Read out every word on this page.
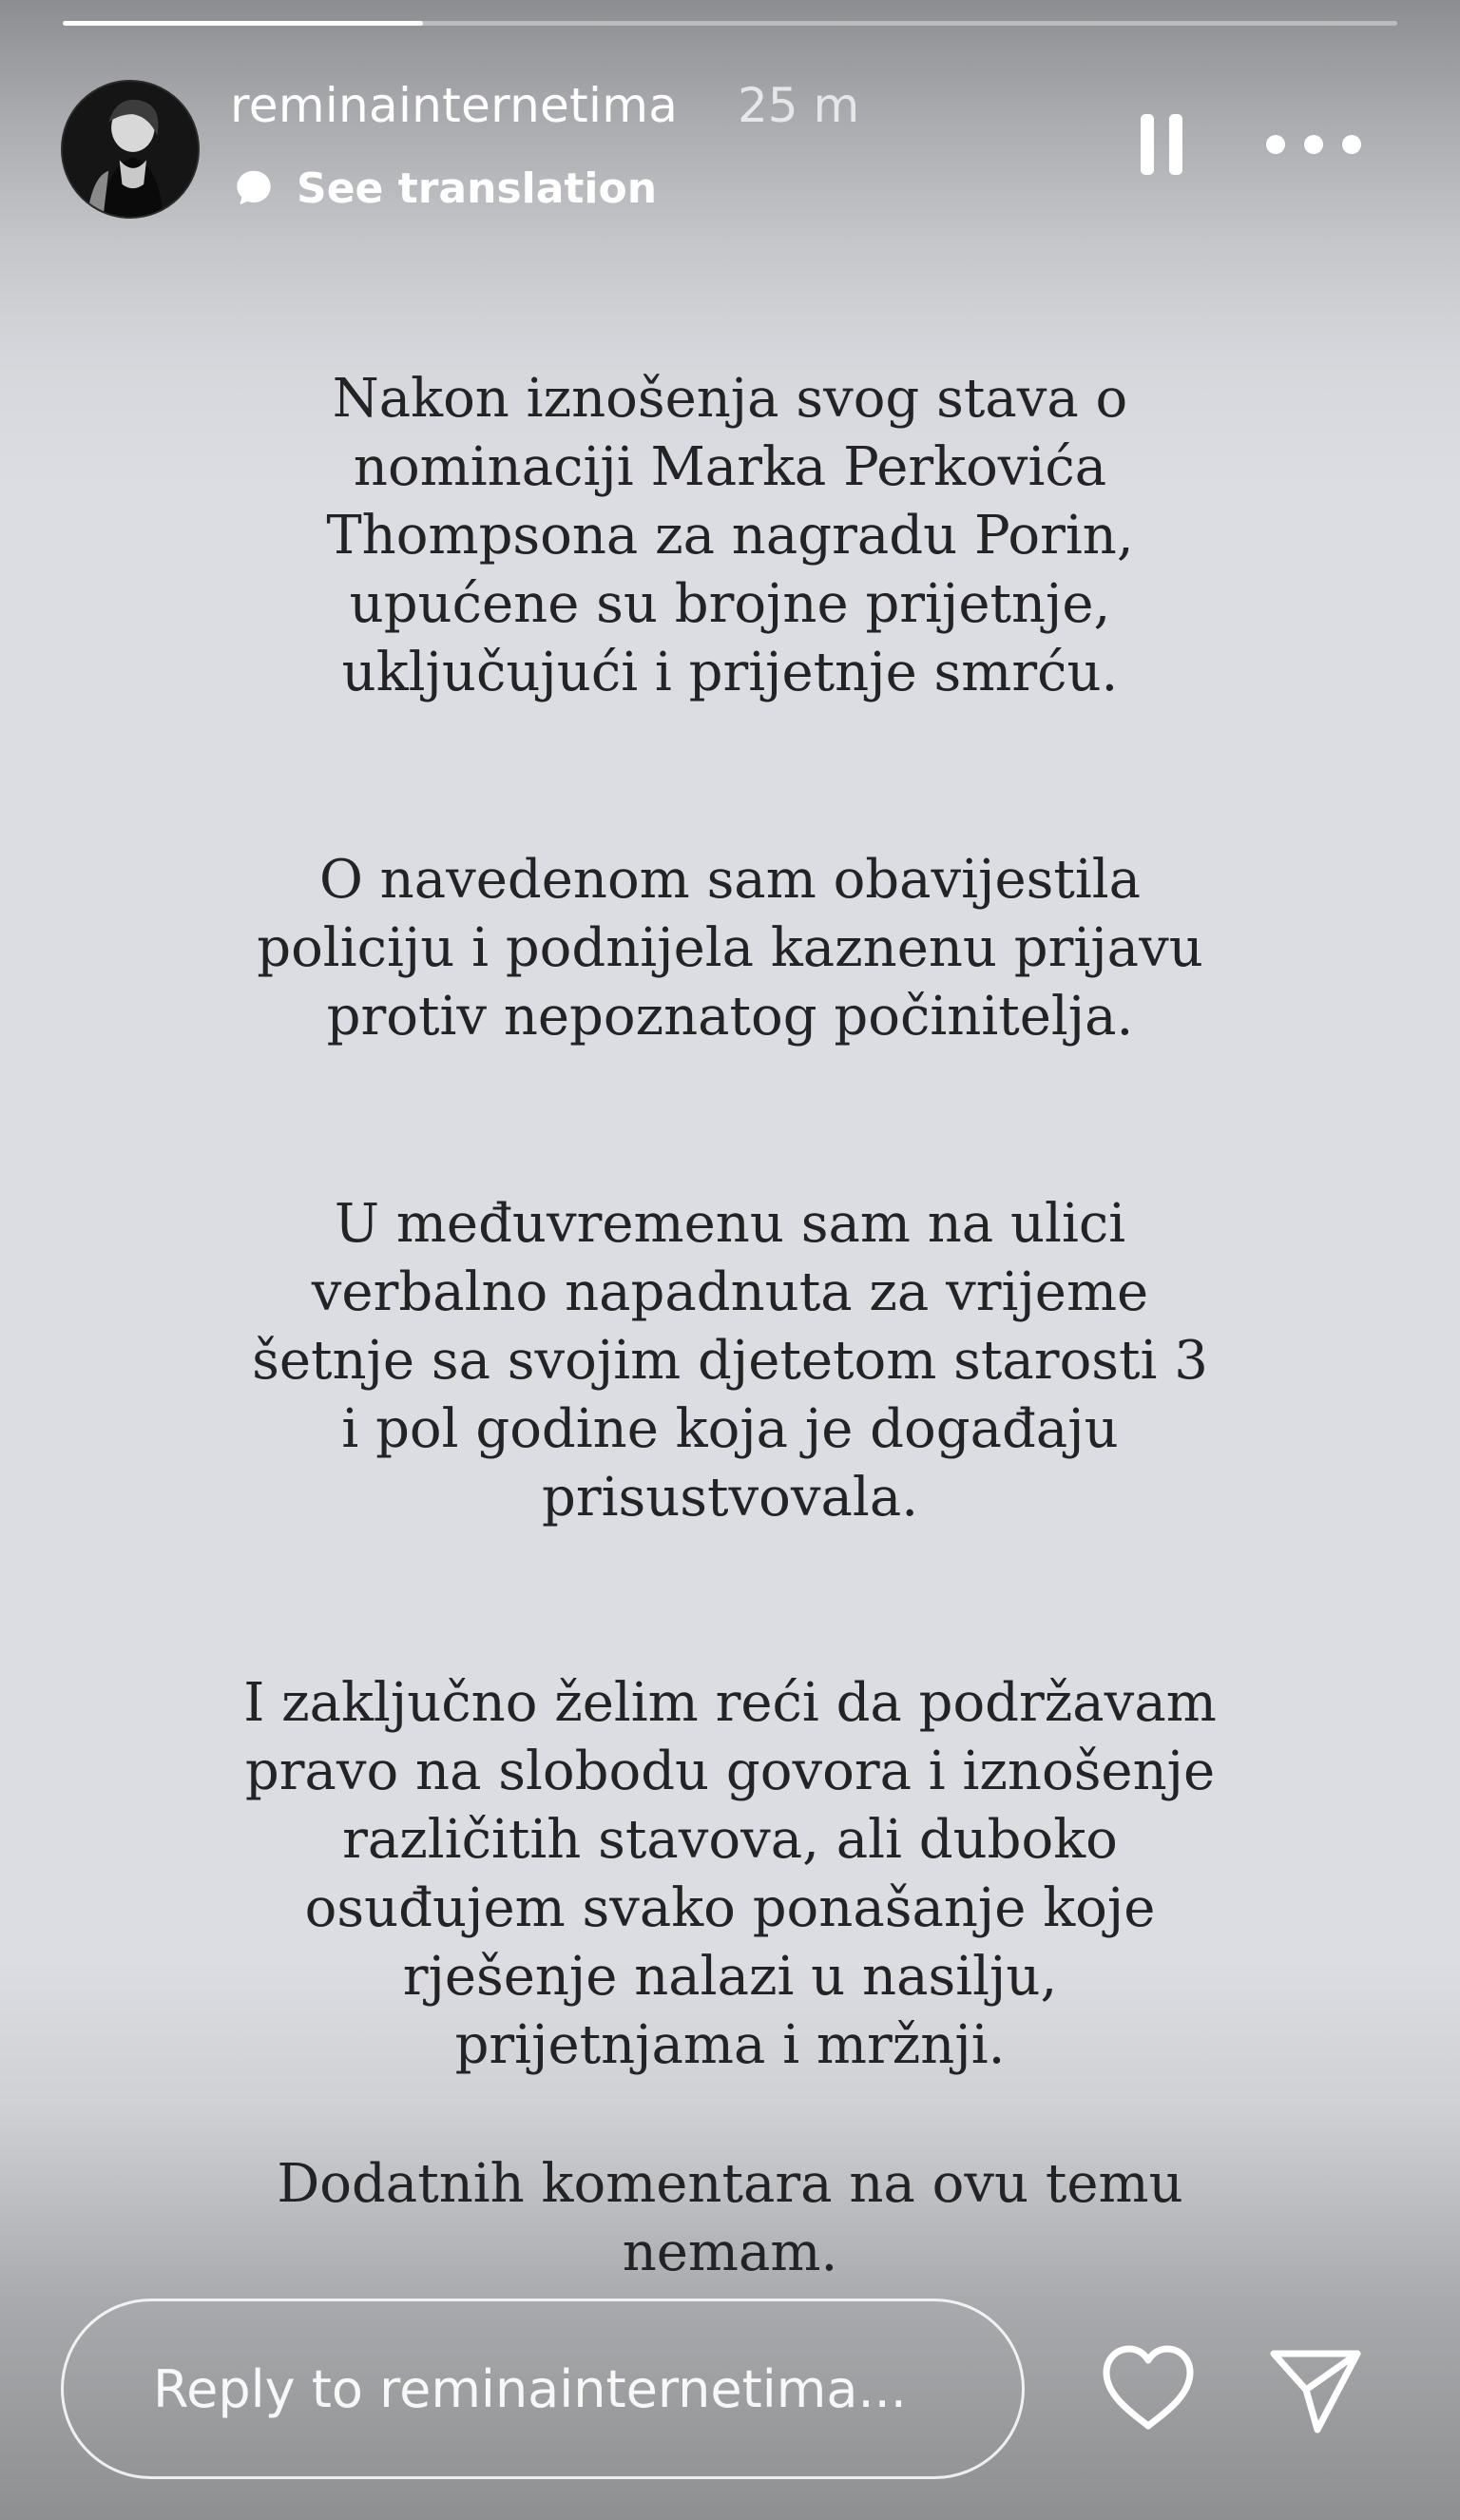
reminainternetima 25 m
See translation
Nakon iznošenja svog stava o
nominaciji Marka Perkovića
Thompsona za nagradu Porin,
upućene su brojne prijetnje,
uključujući i prijetnje smrću.
O navedenom sam obavijestila
policiju i podnijela kaznenu prijavu
protiv nepoznatog počinitelja.
U međuvremenu sam na ulici
verbalno napadnuta za vrijeme
šetnje sa svojim djetetom starosti 3
i pol godine koja je događaju
prisustvovala.
I zaključno želim reći da podržavam
pravo na slobodu govora i iznošenje
različitih stavova, ali duboko
osuđujem svako ponašanje koje
rješenje nalazi u nasilju,
prijetnjama i mržnji.
Dodatnih komentara na ovu temu
nemam.
Reply to reminainternetima...
